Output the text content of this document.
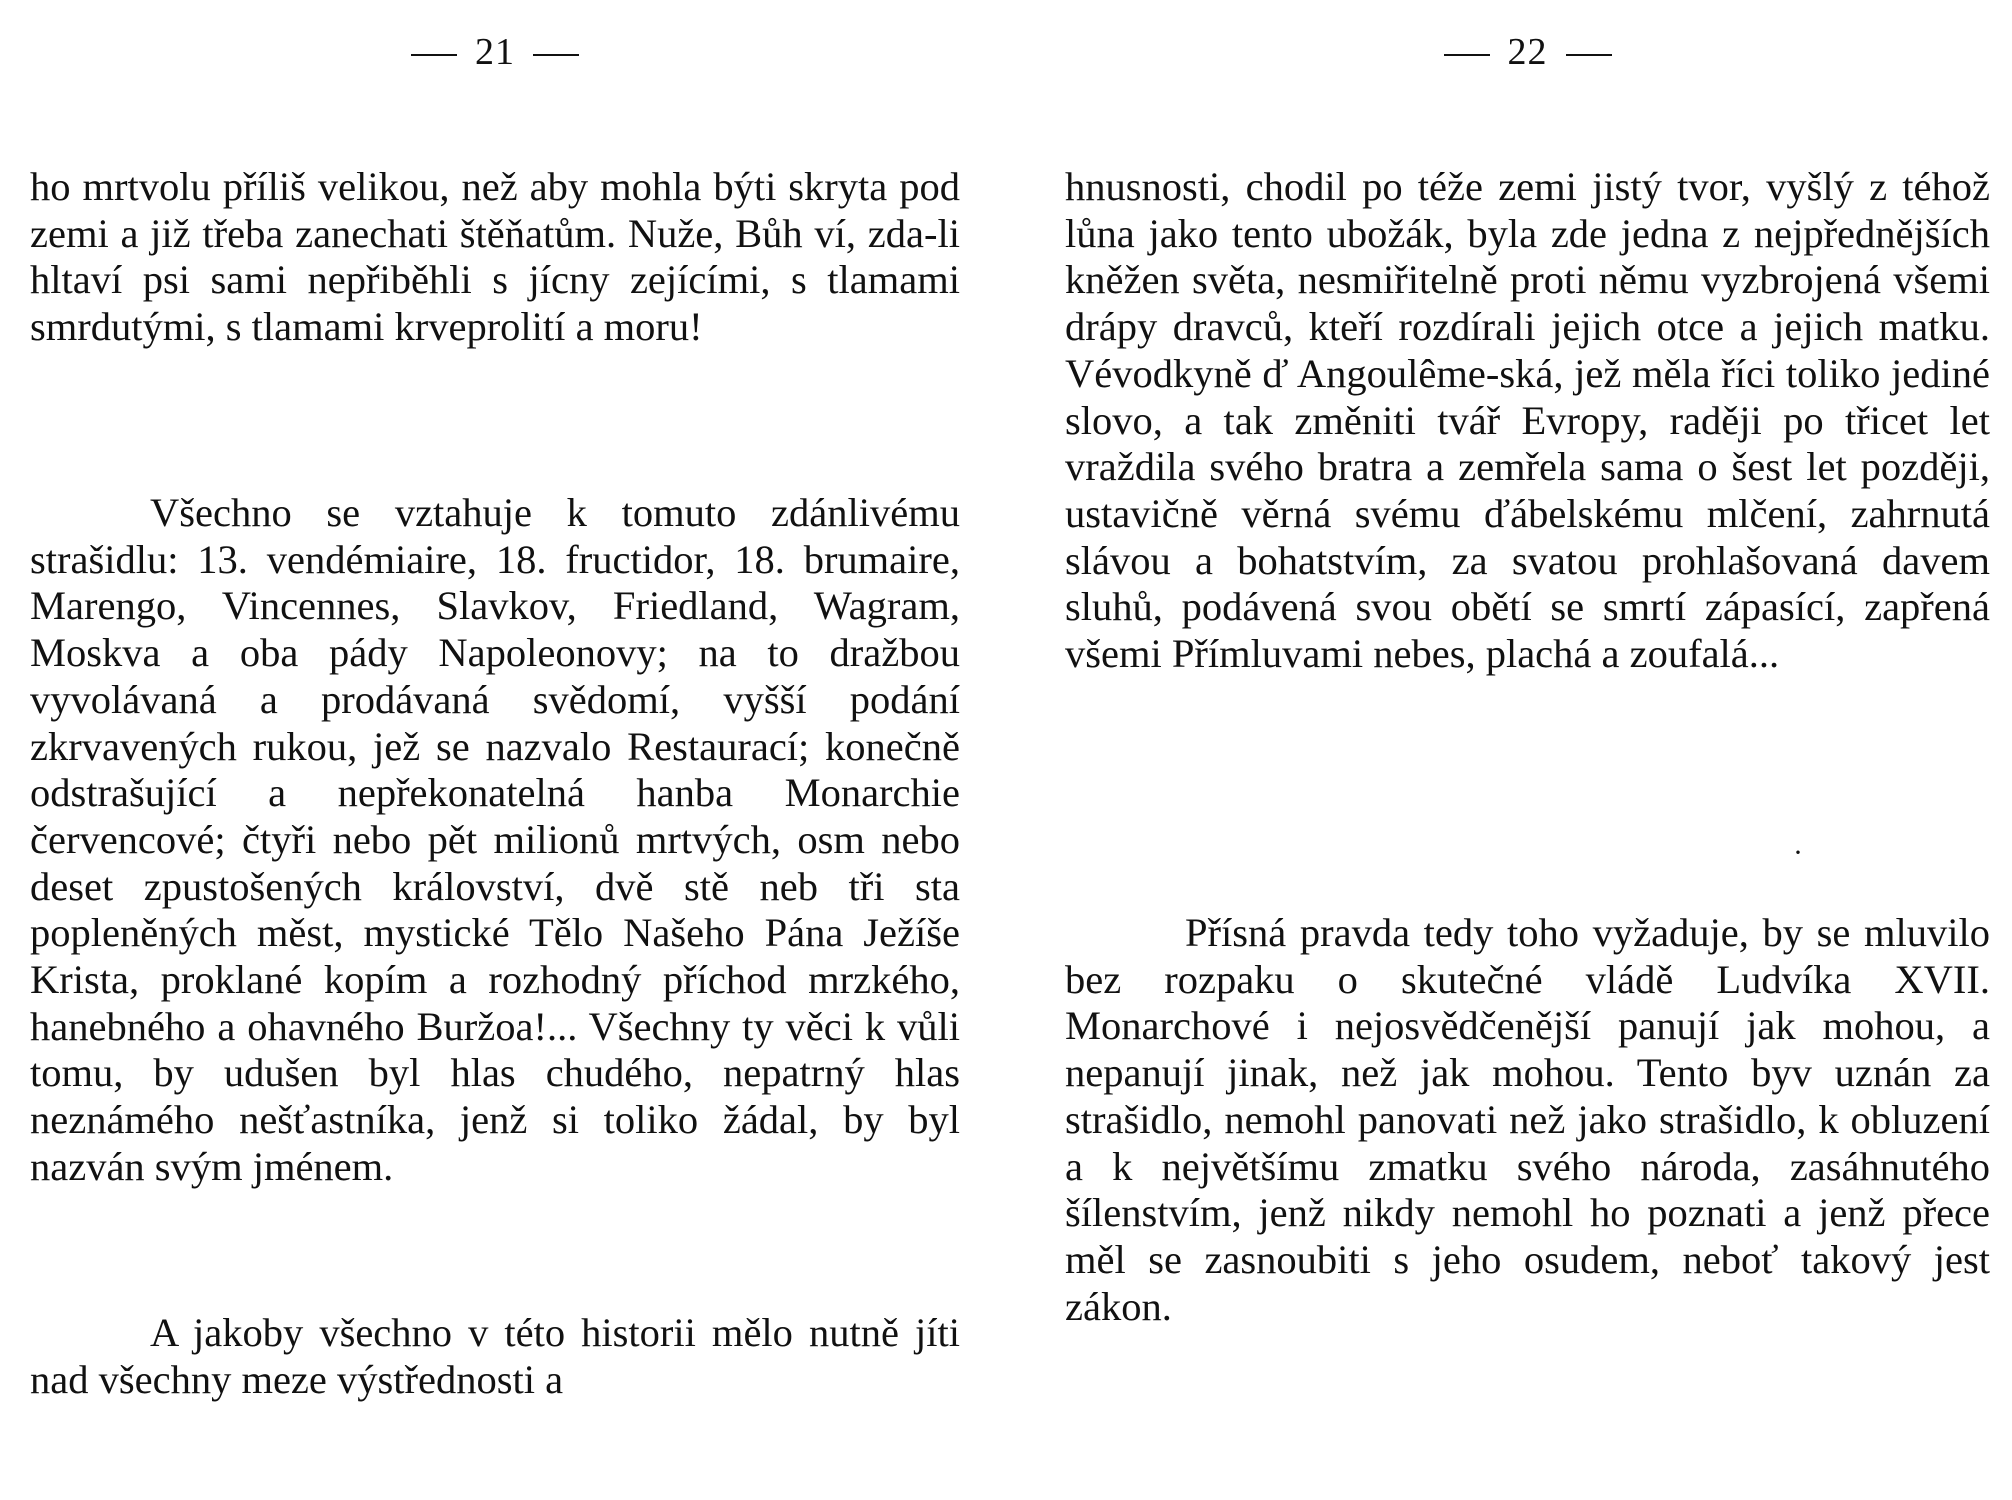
21

ho mrtvolu příliš velikou, než aby mohla býti skryta pod zemi a již třeba zanechati štěňatům. Nuže, Bůh ví, zda-li hltaví psi sami nepřiběhli s jícny zejícími, s tlamami smrdutými, s tlamami krveprolití a moru!

Všechno se vztahuje k tomuto zdánlivému strašidlu: 13. vendémiaire, 18. fructidor, 18. brumaire, Marengo, Vincennes, Slavkov, Friedland, Wagram, Moskva a oba pády Napoleonovy; na to dražbou vyvolávaná a prodávaná svědomí, vyšší podání zkrvavených rukou, jež se nazvalo Restaurací; konečně odstrašující a nepřekonatelná hanba Monarchie červencové; čtyři nebo pět milionů mrtvých, osm nebo deset zpustošených království, dvě stě neb tři sta popleněných měst, mystické Tělo Našeho Pána Ježíše Krista, proklané kopím a rozhodný příchod mrzkého, hanebného a ohavného Buržoa!... Všechny ty věci k vůli tomu, by udušen byl hlas chudého, nepatrný hlas neznámého nešťastníka, jenž si toliko žádal, by byl nazván svým jménem.

A jakoby všechno v této historii mělo nutně jíti nad všechny meze výstřednosti a

22

hnusnosti, chodil po téže zemi jistý tvor, vyšlý z téhož lůna jako tento ubožák, byla zde jedna z nejpřednějších kněžen světa, nesmiřitelně proti němu vyzbrojená všemi drápy dravců, kteří rozdírali jejich otce a jejich matku. Vévodkyně ď Angoulême-ská, jež měla říci toliko jediné slovo, a tak změniti tvář Evropy, raději po třicet let vraždila svého bratra a zemřela sama o šest let později, ustavičně věrná svému ďábelskému mlčení, zahrnutá slávou a bohatstvím, za svatou prohlašovaná davem sluhů, podávená svou obětí se smrtí zápasící, zapřená všemi Přímluvami nebes, plachá a zoufalá...

·

Přísná pravda tedy toho vyžaduje, by se mluvilo bez rozpaku o skutečné vládě Ludvíka XVII. Monarchové i nejosvědčenější panují jak mohou, a nepanují jinak, než jak mohou. Tento byv uznán za strašidlo, nemohl panovati než jako strašidlo, k obluzení a k největšímu zmatku svého národa, zasáhnutého šílenstvím, jenž nikdy nemohl ho poznati a jenž přece měl se zasnoubiti s jeho osudem, neboť takový jest zákon.
